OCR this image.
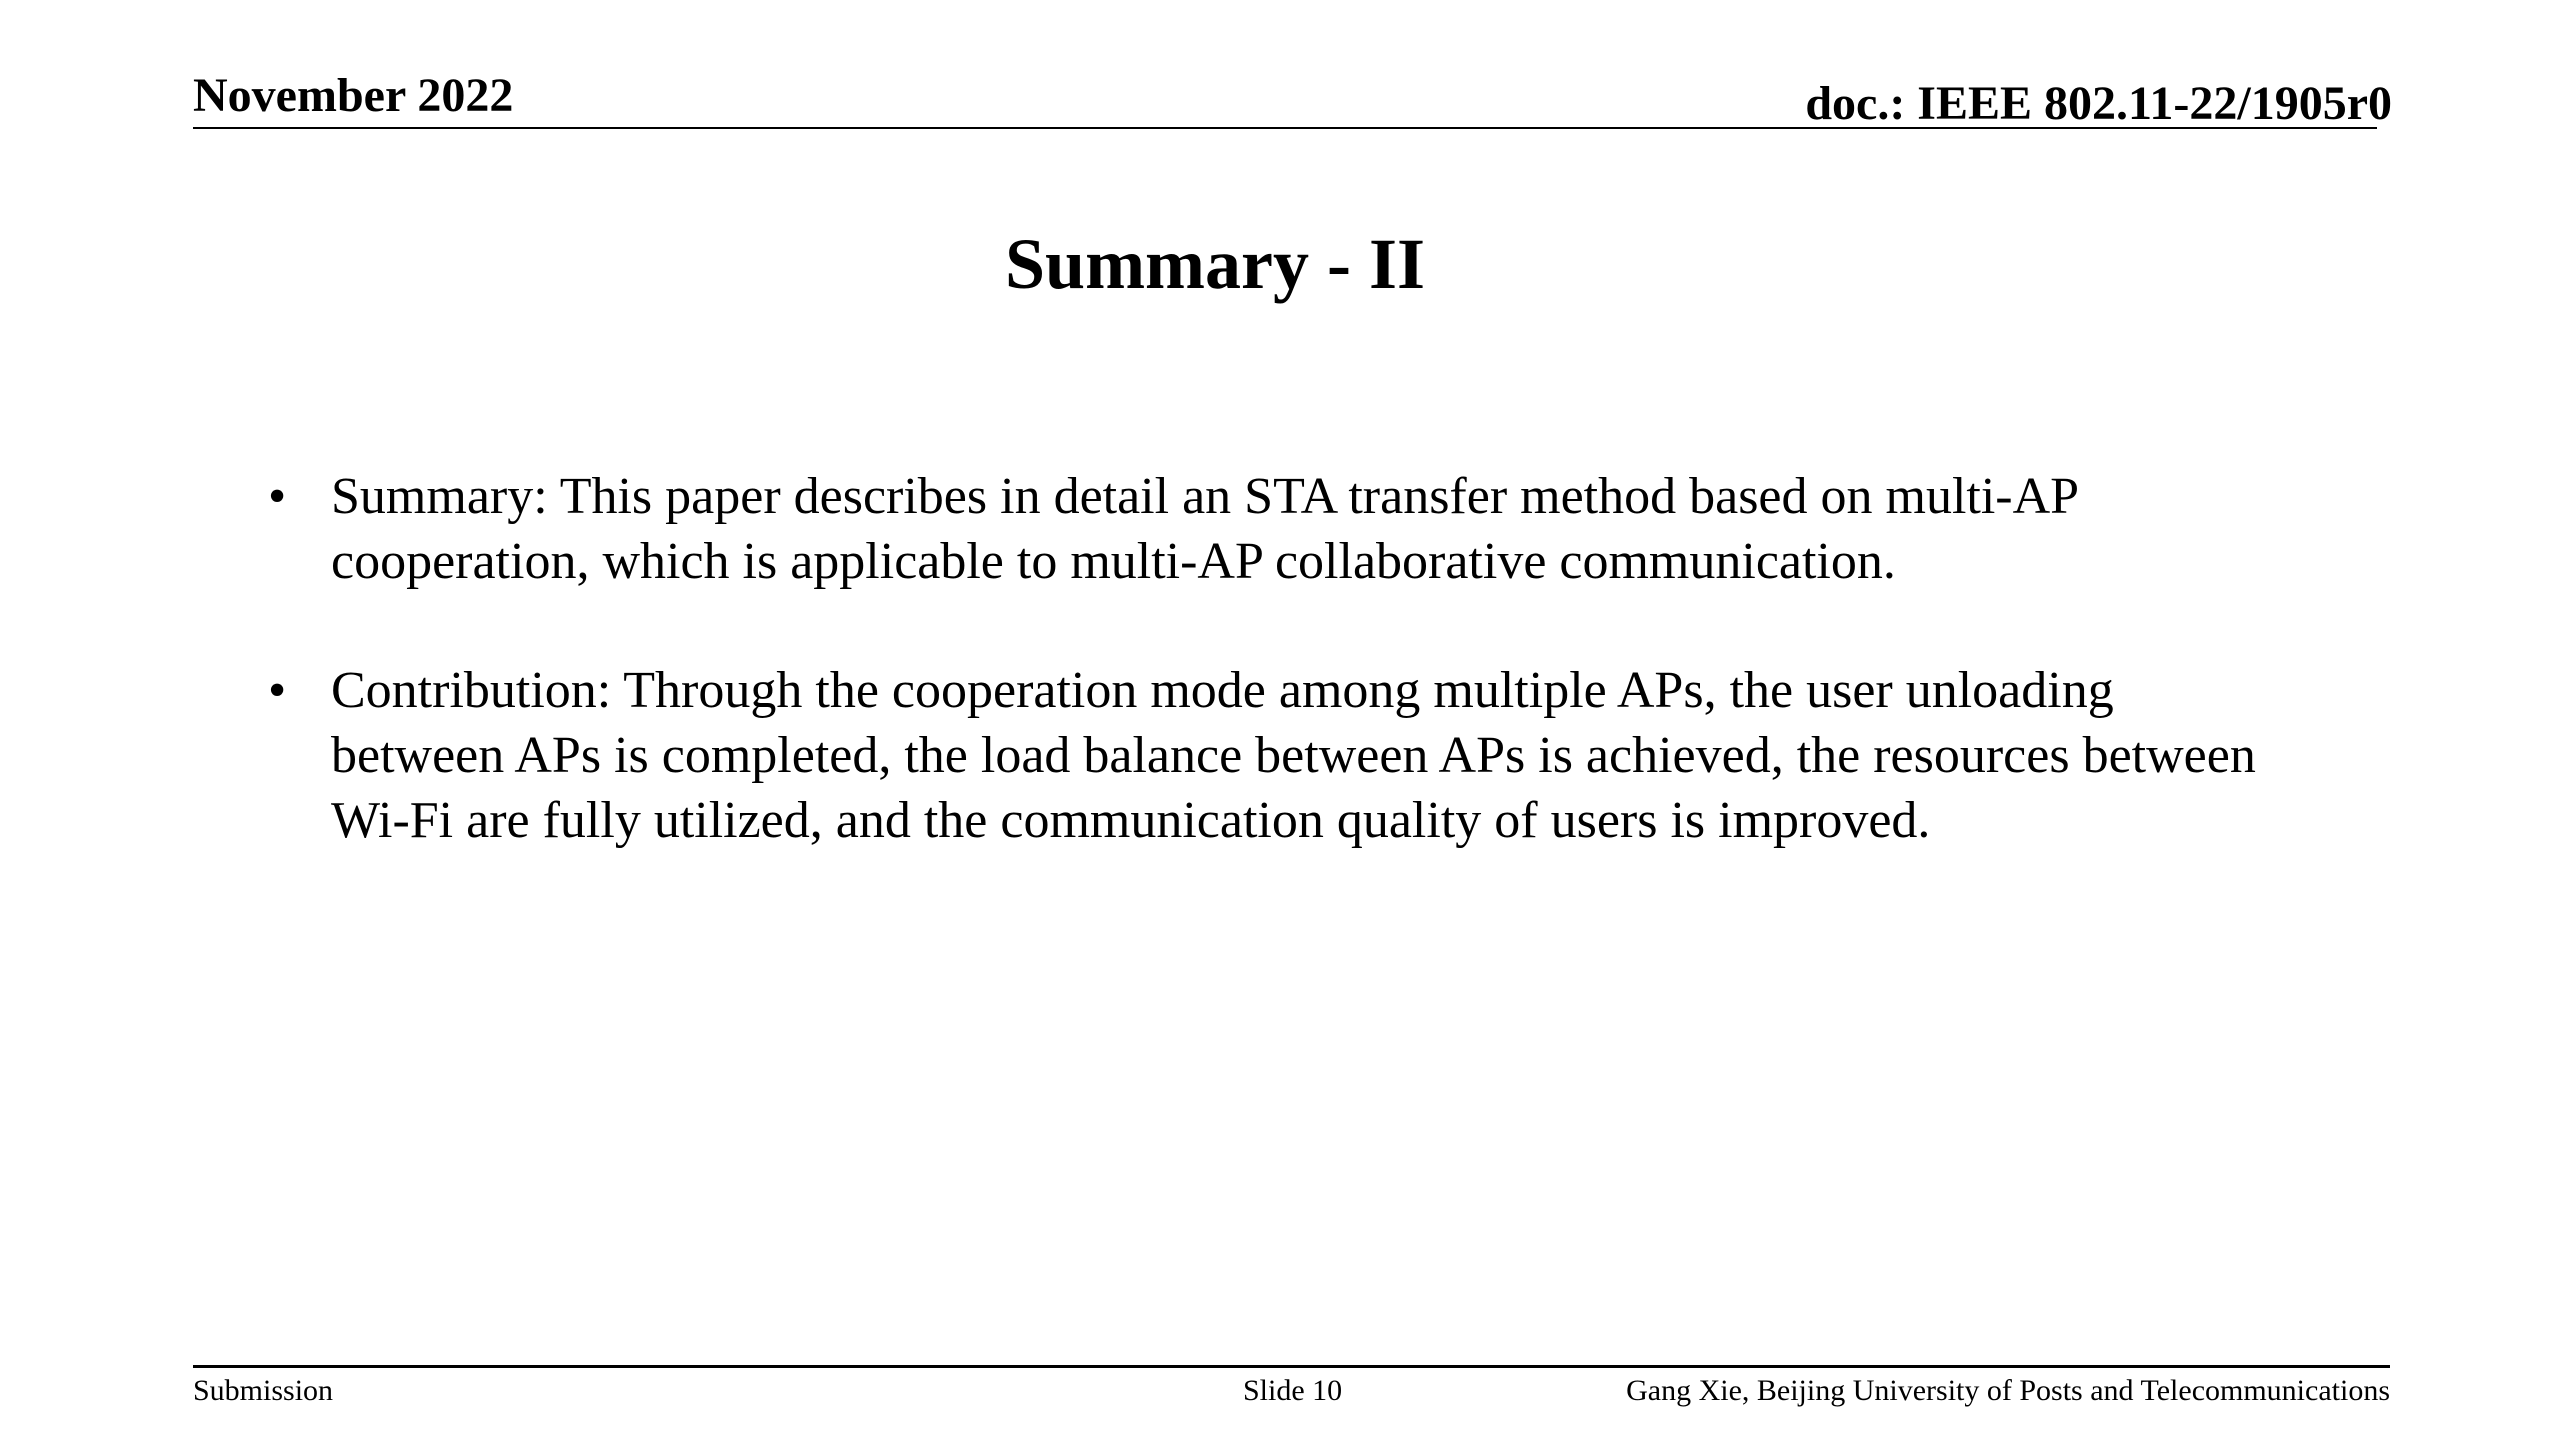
November 2022	doc.: IEEE 802.11-22/1905r0
Summary - II
• Summary: This paper describes in detail an STA transfer method based on multi-AP cooperation, which is applicable to multi-AP collaborative communication.
• Contribution: Through the cooperation mode among multiple APs, the user unloading between APs is completed, the load balance between APs is achieved, the resources between Wi-Fi are fully utilized, and the communication quality of users is improved.
Submission	Slide 10	Gang Xie, Beijing University of Posts and Telecommunications
